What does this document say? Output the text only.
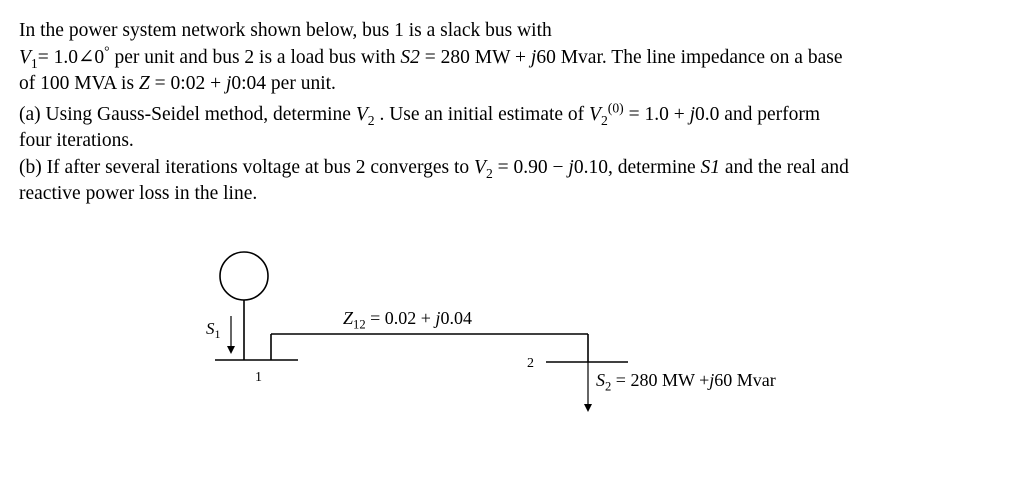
In the power system network shown below, bus 1 is a slack bus with

$V_1=$ 1.0∠0° per unit and bus 2 is a load bus with S2 = 280 MW + j60 Mvar. The line impedance on a base

of 100 MVA is Z = 0:02 + j0:04 per unit.

(a) Using Gauss-Seidel method, determine $V_2$ . Use an initial estimate of $V_2^{(0)} = 1.0 + j0.0$ and perform

four iterations.

(b) If after several iterations voltage at bus 2 converges to $V_2 = 0.90 - j0.10$, determine S1 and the real and

reactive power loss in the line.

$S_1$
1
2
$Z_{12} = 0.02 + j0.04$
$S_2 = 280$ MW +j60 Mvar
